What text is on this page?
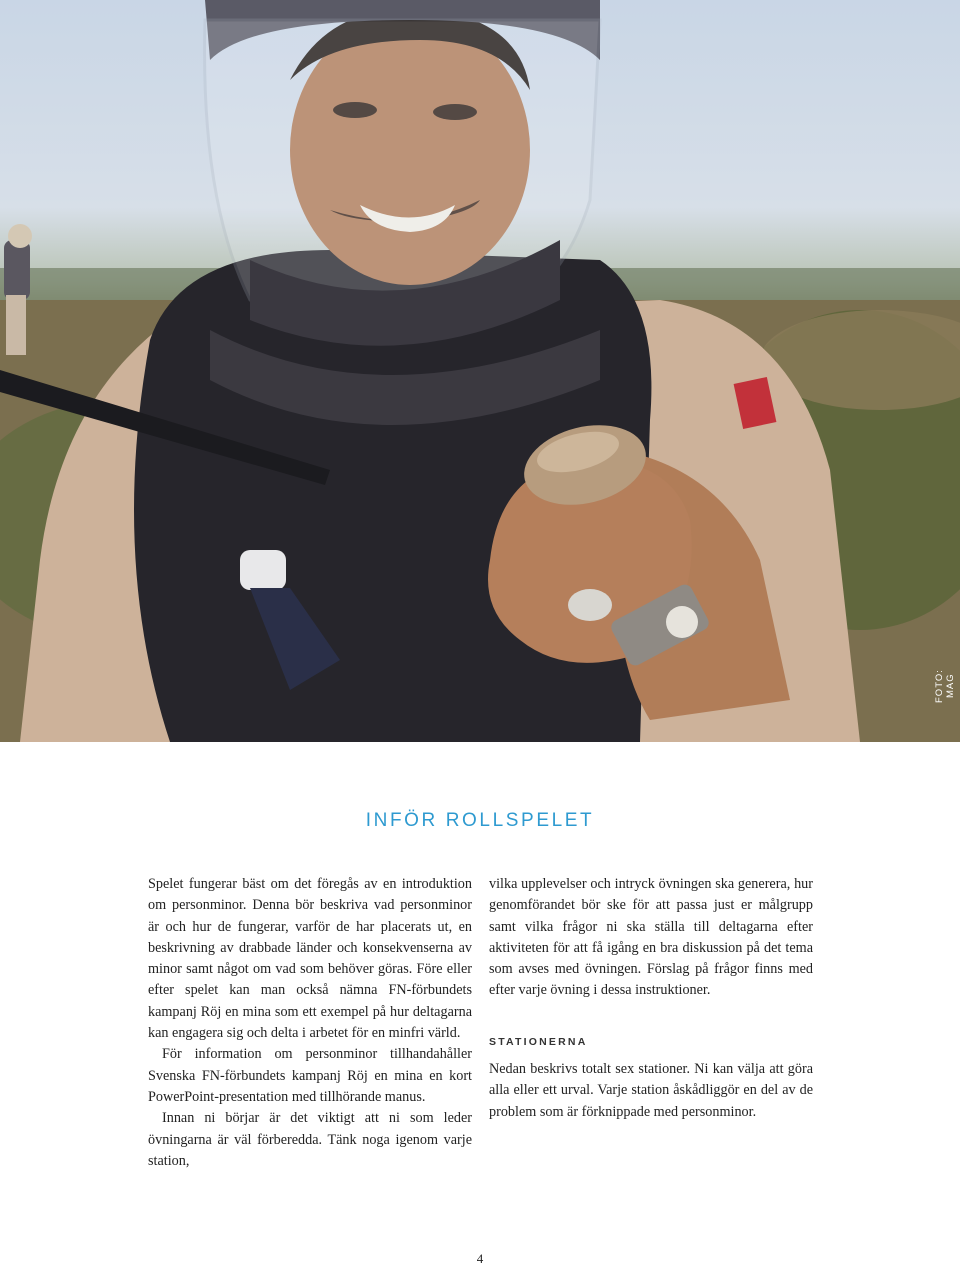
FOTO: MAG
INFÖR ROLLSPELET

Spelet fungerar bäst om det föregås av en introduktion om personminor. Denna bör beskriva vad personminor är och hur de fungerar, varför de har placerats ut, en beskrivning av drabbade länder och konsekvenserna av minor samt något om vad som behöver göras. Före eller efter spelet kan man också nämna FN-förbundets kampanj Röj en mina som ett exempel på hur deltagarna kan engagera sig och delta i arbetet för en minfri värld.

För information om personminor tillhandahåller Svenska FN-förbundets kampanj Röj en mina en kort PowerPoint-presentation med tillhörande manus.

Innan ni börjar är det viktigt att ni som leder övningarna är väl förberedda. Tänk noga igenom varje station,

vilka upplevelser och intryck övningen ska generera, hur genomförandet bör ske för att passa just er målgrupp samt vilka frågor ni ska ställa till deltagarna efter aktiviteten för att få igång en bra diskussion på det tema som avses med övningen. Förslag på frågor finns med efter varje övning i dessa instruktioner.

STATIONERNA

Nedan beskrivs totalt sex stationer. Ni kan välja att göra alla eller ett urval. Varje station åskådliggör en del av de problem som är förknippade med personminor.

4
